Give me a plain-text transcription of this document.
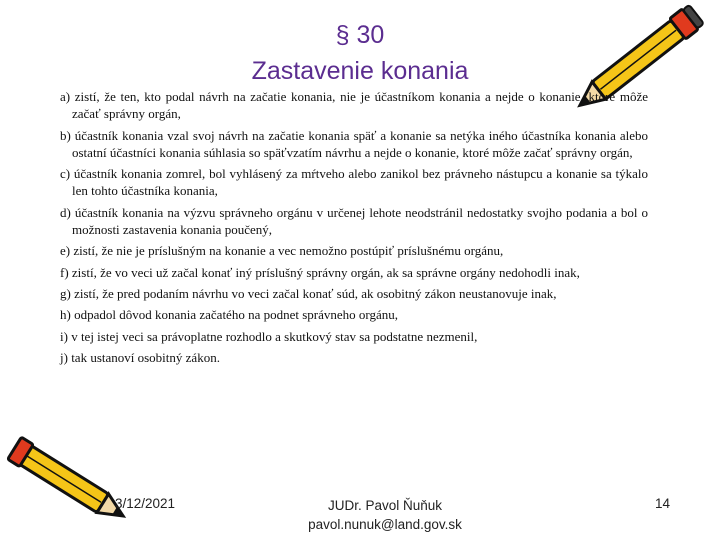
§ 30
Zastavenie konania
a) zistí, že ten, kto podal návrh na začatie konania, nie je účastníkom konania a nejde o konanie, ktoré môže začať správny orgán,
b) účastník konania vzal svoj návrh na začatie konania späť a konanie sa netýka iného účastníka konania alebo ostatní účastníci konania súhlasia so späťvzatím návrhu a nejde o konanie, ktoré môže začať správny orgán,
c) účastník konania zomrel, bol vyhlásený za mŕtveho alebo zanikol bez právneho nástupcu a konanie sa týkalo len tohto účastníka konania,
d) účastník konania na výzvu správneho orgánu v určenej lehote neodstránil nedostatky svojho podania a bol o možnosti zastavenia konania poučený,
e) zistí, že nie je príslušným na konanie a vec nemožno postúpiť príslušnému orgánu,
f) zistí, že vo veci už začal konať iný príslušný správny orgán, ak sa správne orgány nedohodli inak,
g) zistí, že pred podaním návrhu vo veci začal konať súd, ak osobitný zákon neustanovuje inak,
h) odpadol dôvod konania začatého na podnet správneho orgánu,
i) v tej istej veci sa právoplatne rozhodlo a skutkový stav sa podstatne nezmenil,
j) tak ustanoví osobitný zákon.
3/12/2021	JUDr. Pavol Ňuňuk
pavol.nunuk@land.gov.sk
14
